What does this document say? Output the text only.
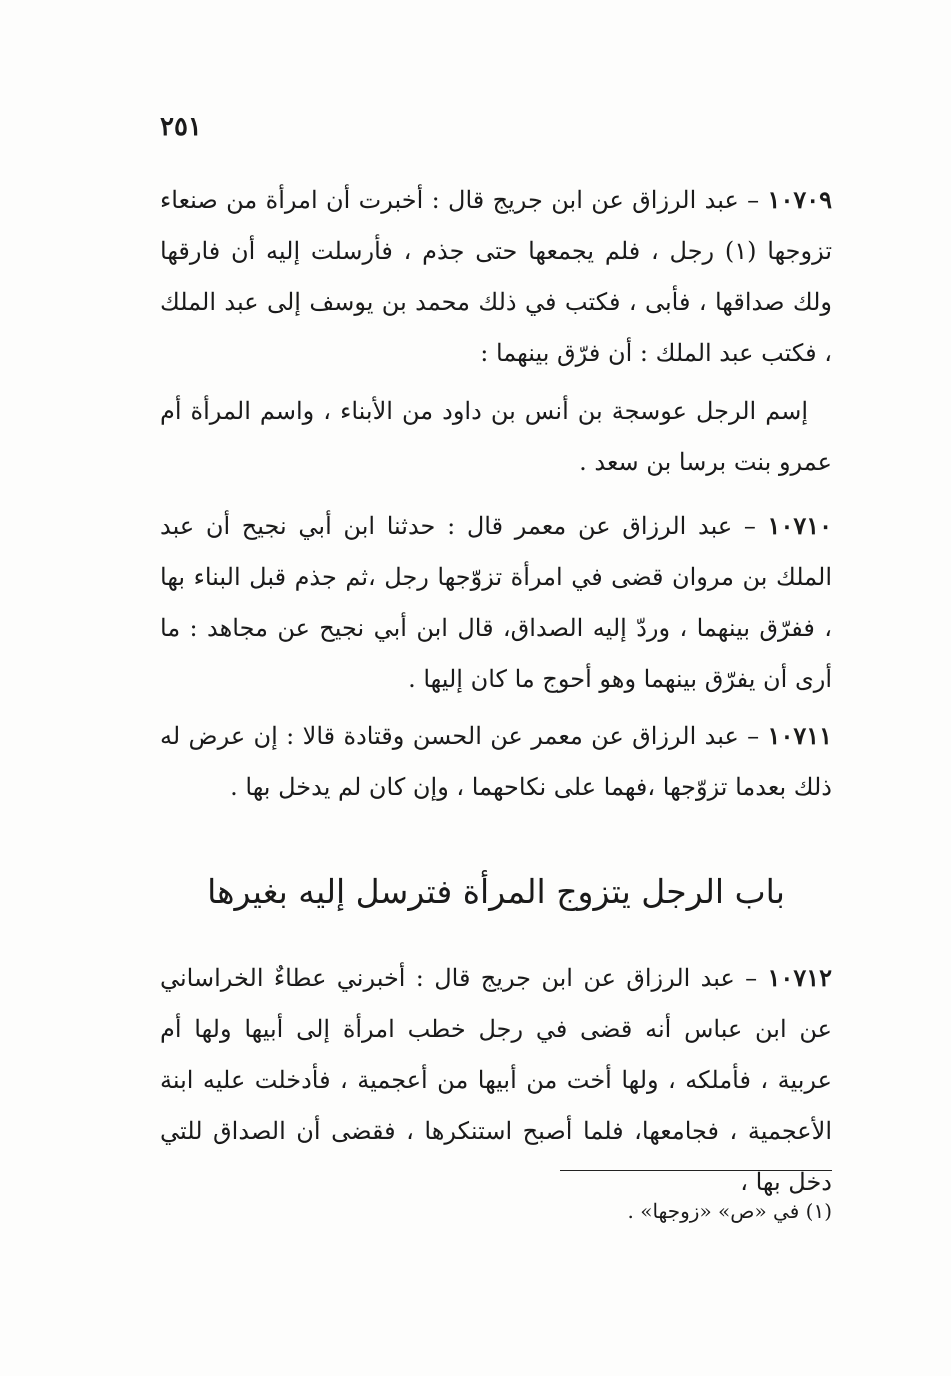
٢٥١

١٠٧٠٩ – عبد الرزاق عن ابن جريج قال : أخبرت أن امرأة من صنعاء تزوجها (١) رجل ، فلم يجمعها حتى جذم ، فأرسلت إليه أن فارقها ولك صداقها ، فأبى ، فكتب في ذلك محمد بن يوسف إلى عبد الملك ، فكتب عبد الملك : أن فرّق بينهما :

إسم الرجل عوسجة بن أنس بن داود من الأبناء ، واسم المرأة أم عمرو بنت برسا بن سعد .

١٠٧١٠ – عبد الرزاق عن معمر قال : حدثنا ابن أبي نجيح أن عبد الملك بن مروان قضى في امرأة تزوّجها رجل ،ثم جذم قبل البناء بها ، ففرّق بينهما ، وردّ إليه الصداق، قال ابن أبي نجيح عن مجاهد : ما أرى أن يفرّق بينهما وهو أحوج ما كان إليها .

١٠٧١١ – عبد الرزاق عن معمر عن الحسن وقتادة قالا : إن عرض له ذلك بعدما تزوّجها ،فهما على نكاحهما ، وإن كان لم يدخل بها .

باب الرجل يتزوج المرأة فترسل إليه بغيرها

١٠٧١٢ – عبد الرزاق عن ابن جريج قال : أخبرني عطاءٌ الخراساني عن ابن عباس أنه قضى في رجل خطب امرأة إلى أبيها ولها أم عربية ، فأملكه ، ولها أخت من أبيها من أعجمية ، فأدخلت عليه ابنة الأعجمية ، فجامعها، فلما أصبح استنكرها ، فقضى أن الصداق للتي دخل بها ،

(١) في «ص» «زوجها» .
